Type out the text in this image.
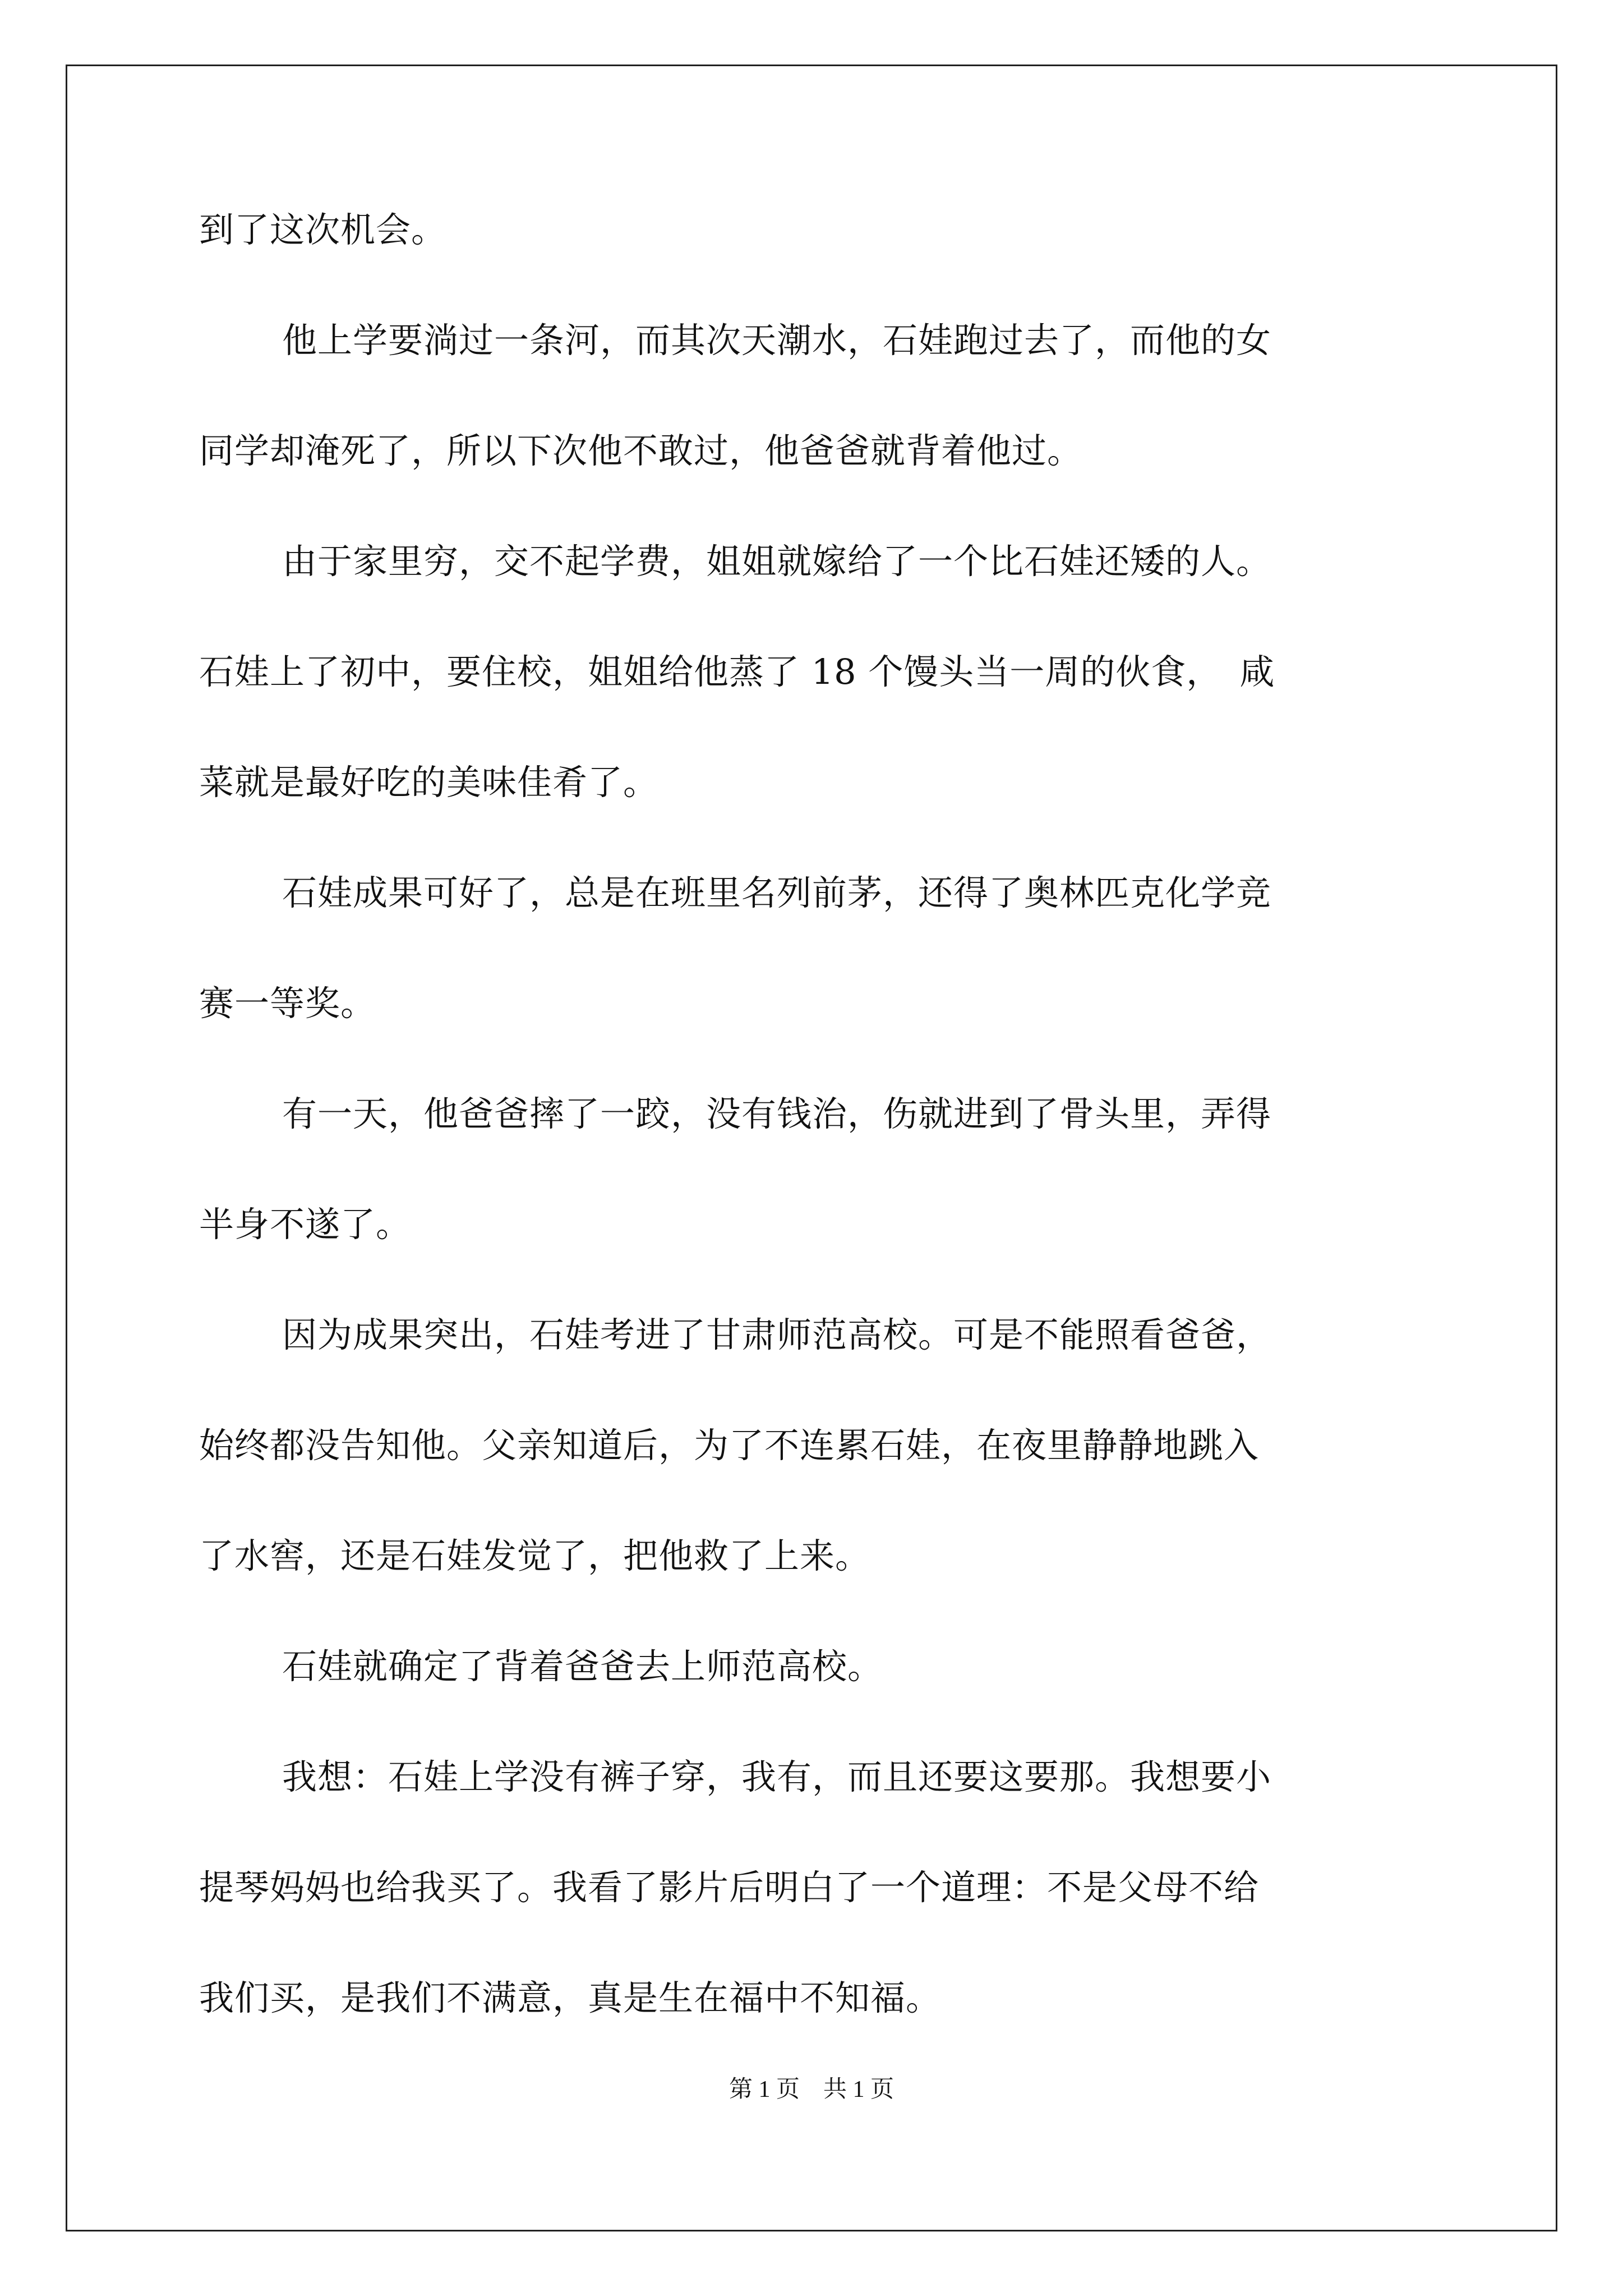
到了这次机会。
他上学要淌过一条河，而其次天潮水，石娃跑过去了，而他的女
同学却淹死了，所以下次他不敢过，他爸爸就背着他过。
由于家里穷，交不起学费，姐姐就嫁给了一个比石娃还矮的人。
石娃上了初中，要住校，姐姐给他蒸了 18 个馒头当一周的伙食，　咸
菜就是最好吃的美味佳肴了。
石娃成果可好了，总是在班里名列前茅，还得了奥林匹克化学竞
赛一等奖。
有一天，他爸爸摔了一跤，没有钱治，伤就进到了骨头里，弄得
半身不遂了。
因为成果突出，石娃考进了甘肃师范高校。可是不能照看爸爸，
始终都没告知他。父亲知道后，为了不连累石娃，在夜里静静地跳入
了水窖，还是石娃发觉了，把他救了上来。
石娃就确定了背着爸爸去上师范高校。
我想：石娃上学没有裤子穿，我有，而且还要这要那。我想要小
提琴妈妈也给我买了。我看了影片后明白了一个道理：不是父母不给
我们买，是我们不满意，真是生在福中不知福。
第 1 页　共 1 页
